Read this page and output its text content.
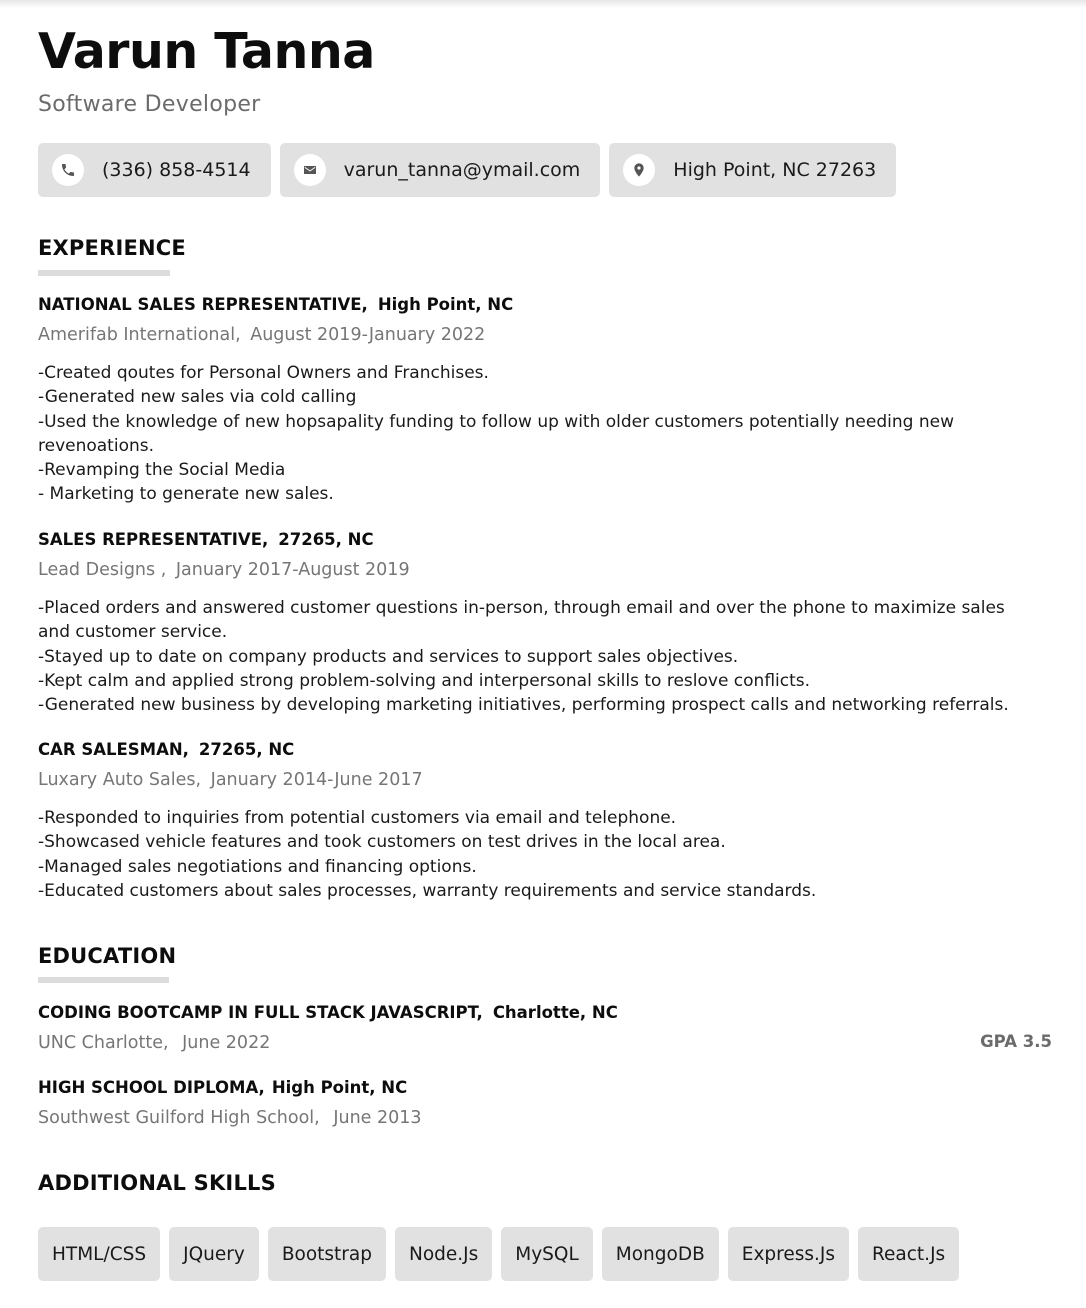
Varun Tanna
Software Developer
(336) 858-4514	varun_tanna@ymail.com	High Point, NC 27263
EXPERIENCE
NATIONAL SALES REPRESENTATIVE, High Point, NC
Amerifab International, August 2019-January 2022
-Created qoutes for Personal Owners and Franchises.
-Generated new sales via cold calling
-Used the knowledge of new hopsapality funding to follow up with older customers potentially needing new revenoations.
-Revamping the Social Media
- Marketing to generate new sales.
SALES REPRESENTATIVE, 27265, NC
Lead Designs , January 2017-August 2019
-Placed orders and answered customer questions in-person, through email and over the phone to maximize sales and customer service.
-Stayed up to date on company products and services to support sales objectives.
-Kept calm and applied strong problem-solving and interpersonal skills to reslove conflicts.
-Generated new business by developing marketing initiatives, performing prospect calls and networking referrals.
CAR SALESMAN, 27265, NC
Luxary Auto Sales, January 2014-June 2017
-Responded to inquiries from potential customers via email and telephone.
-Showcased vehicle features and took customers on test drives in the local area.
-Managed sales negotiations and financing options.
-Educated customers about sales processes, warranty requirements and service standards.
EDUCATION
CODING BOOTCAMP IN FULL STACK JAVASCRIPT, Charlotte, NC
UNC Charlotte, June 2022	GPA 3.5
HIGH SCHOOL DIPLOMA, High Point, NC
Southwest Guilford High School, June 2013
ADDITIONAL SKILLS
HTML/CSS	JQuery	Bootstrap	Node.Js	MySQL	MongoDB	Express.Js	React.Js
